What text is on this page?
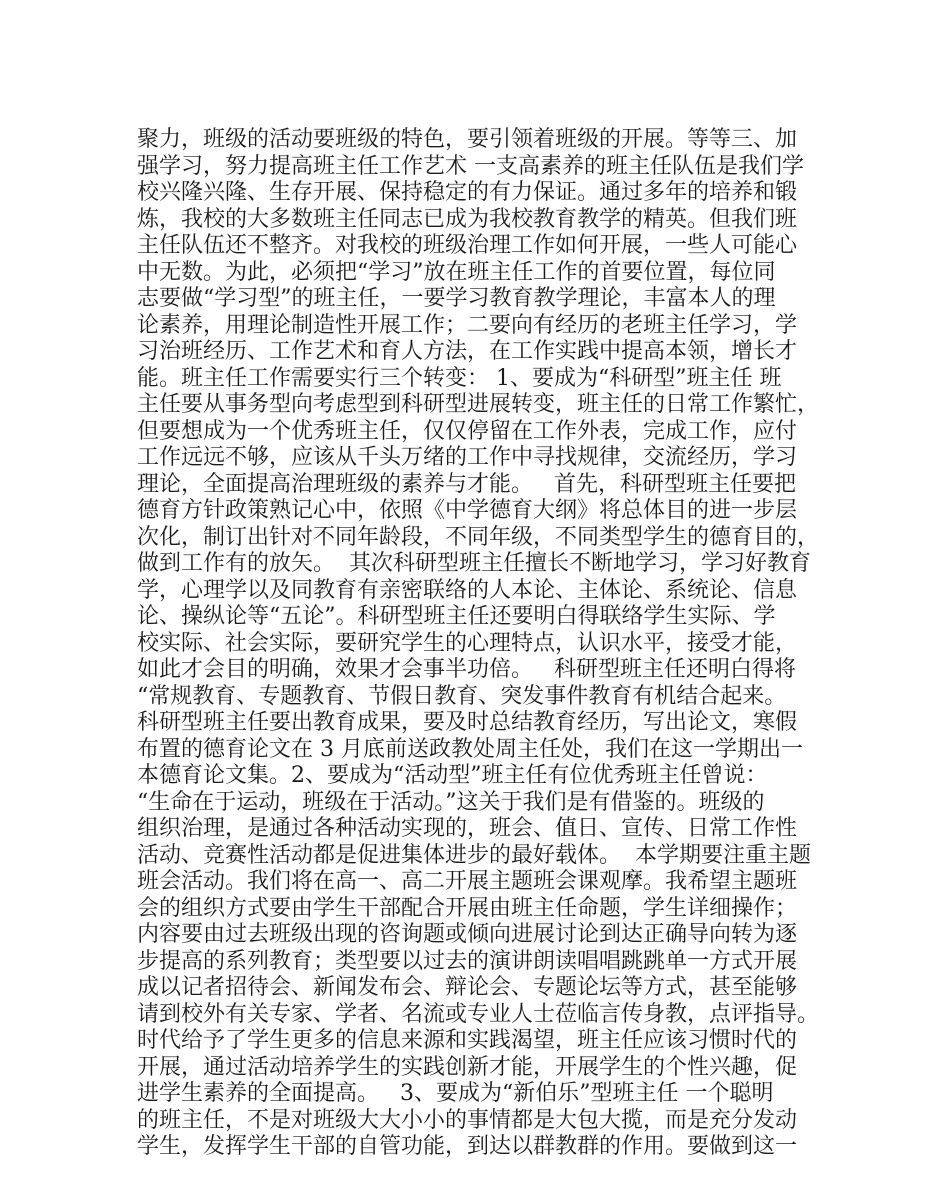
聚力，班级的活动要班级的特色，要引领着班级的开展。等等三、加
强学习，努力提高班主任工作艺术 一支高素养的班主任队伍是我们学
校兴隆兴隆、生存开展、保持稳定的有力保证。通过多年的培养和锻
炼，我校的大多数班主任同志已成为我校教育教学的精英。但我们班
主任队伍还不整齐。对我校的班级治理工作如何开展，一些人可能心
中无数。为此，必须把“学习”放在班主任工作的首要位置，每位同
志要做“学习型”的班主任，一要学习教育教学理论，丰富本人的理
论素养，用理论制造性开展工作；二要向有经历的老班主任学习，学
习治班经历、工作艺术和育人方法，在工作实践中提高本领，增长才
能。班主任工作需要实行三个转变： 1、要成为“科研型”班主任 班
主任要从事务型向考虑型到科研型进展转变，班主任的日常工作繁忙，
但要想成为一个优秀班主任，仅仅停留在工作外表，完成工作，应付
工作远远不够，应该从千头万绪的工作中寻找规律，交流经历，学习
理论，全面提高治理班级的素养与才能。   首先，科研型班主任要把
德育方针政策熟记心中，依照《中学德育大纲》将总体目的进一步层
次化，制订出针对不同年龄段，不同年级，不同类型学生的德育目的，
做到工作有的放矢。  其次科研型班主任擅长不断地学习，学习好教育
学，心理学以及同教育有亲密联络的人本论、主体论、系统论、信息
论、操纵论等“五论”。科研型班主任还要明白得联络学生实际、学
校实际、社会实际，要研究学生的心理特点，认识水平，接受才能，
如此才会目的明确，效果才会事半功倍。   科研型班主任还明白得将
“常规教育、专题教育、节假日教育、突发事件教育有机结合起来。
科研型班主任要出教育成果，要及时总结教育经历，写出论文，寒假
布置的德育论文在 3 月底前送政教处周主任处，我们在这一学期出一
本德育论文集。2、要成为“活动型”班主任有位优秀班主任曾说：
“生命在于运动，班级在于活动。”这关于我们是有借鉴的。班级的
组织治理，是通过各种活动实现的，班会、值日、宣传、日常工作性
活动、竞赛性活动都是促进集体进步的最好载体。  本学期要注重主题
班会活动。我们将在高一、高二开展主题班会课观摩。我希望主题班
会的组织方式要由学生干部配合开展由班主任命题，学生详细操作；
内容要由过去班级出现的咨询题或倾向进展讨论到达正确导向转为逐
步提高的系列教育；类型要以过去的演讲朗读唱唱跳跳单一方式开展
成以记者招待会、新闻发布会、辩论会、专题论坛等方式，甚至能够
请到校外有关专家、学者、名流或专业人士莅临言传身教，点评指导。
时代给予了学生更多的信息来源和实践渴望，班主任应该习惯时代的
开展，通过活动培养学生的实践创新才能，开展学生的个性兴趣，促
进学生素养的全面提高。   3、要成为“新伯乐”型班主任 一个聪明
的班主任，不是对班级大大小小的事情都是大包大揽，而是充分发动
学生，发挥学生干部的自管功能，到达以群教群的作用。要做到这一
